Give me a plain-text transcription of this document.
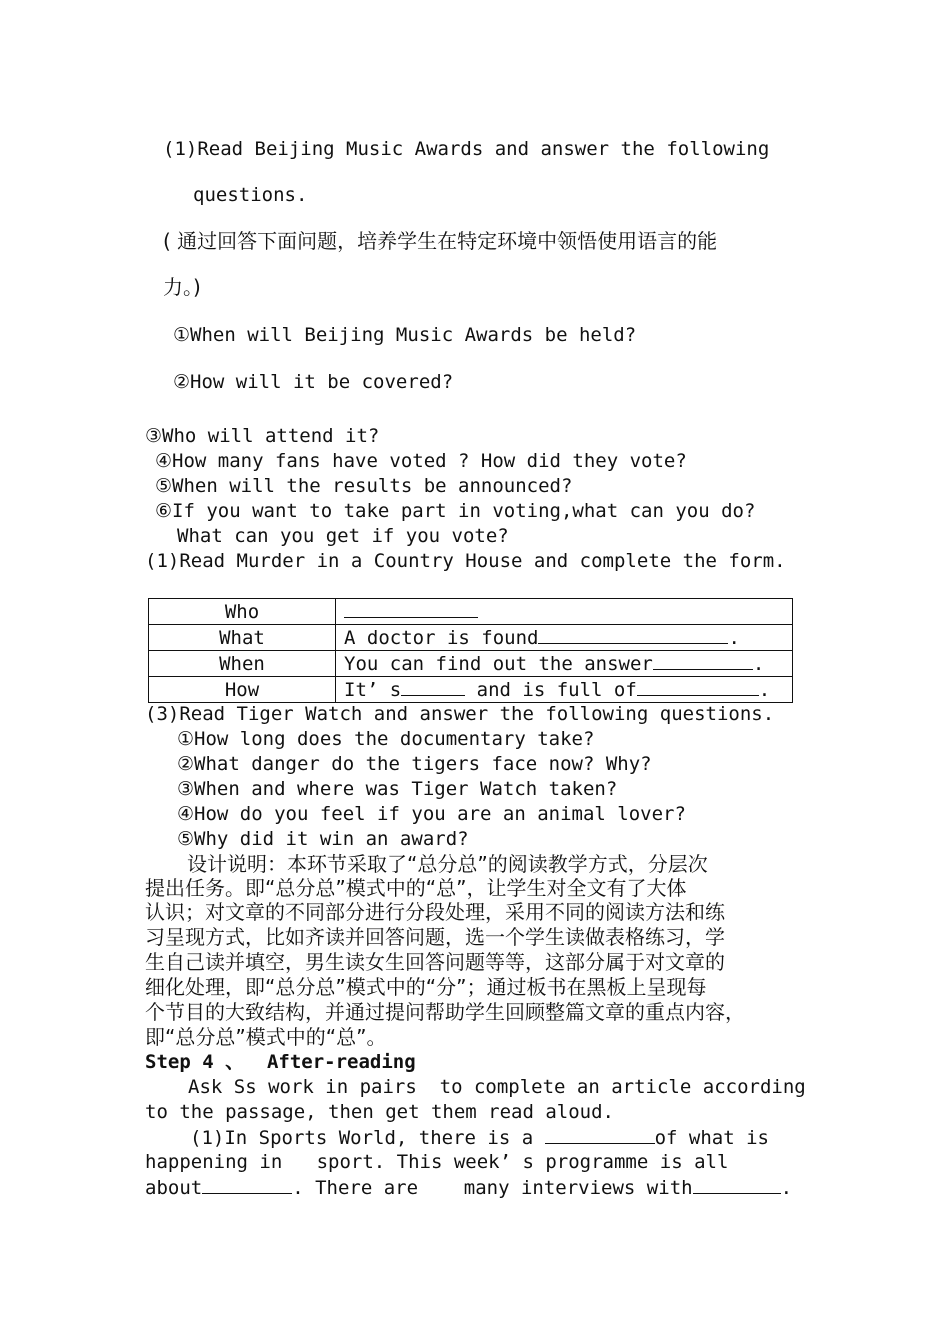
(1)Read Beijing Music Awards and answer the following
questions.
( 通过回答下面问题，培养学生在特定环境中领悟使用语言的能
力。)
①When will Beijing Music Awards be held?
②How will it be covered?
③Who will attend it?
④How many fans have voted ? How did they vote?
⑤When will the results be announced?
⑥If you want to take part in voting,what can you do?
What can you get if you vote?
(1)Read Murder in a Country House and complete the form.
Who	
What	A doctor is found .
When	You can find out the answer .
How	It’ s and is full of .
(3)Read Tiger Watch and answer the following questions.
①How long does the documentary take?
②What danger do the tigers face now? Why?
③When and where was Tiger Watch taken?
④How do you feel if you are an animal lover?
⑤Why did it win an award?
设计说明：本环节采取了“总分总”的阅读教学方式，分层次
提出任务。即“总分总”模式中的“总”，让学生对全文有了大体
认识；对文章的不同部分进行分段处理，采用不同的阅读方法和练
习呈现方式，比如齐读并回答问题，选一个学生读做表格练习，学
生自己读并填空，男生读女生回答问题等等，这部分属于对文章的
细化处理，即“总分总”模式中的“分”；通过板书在黑板上呈现每
个节目的大致结构，并通过提问帮助学生回顾整篇文章的重点内容，
即“总分总”模式中的“总”。
Step 4 、  After-reading
Ask Ss work in pairs  to complete an article according
to the passage, then get them read aloud.
(1)In Sports World, there is a	of what is
happening in   sport. This week’ s programme is all
about	. There are    many interviews with	.
